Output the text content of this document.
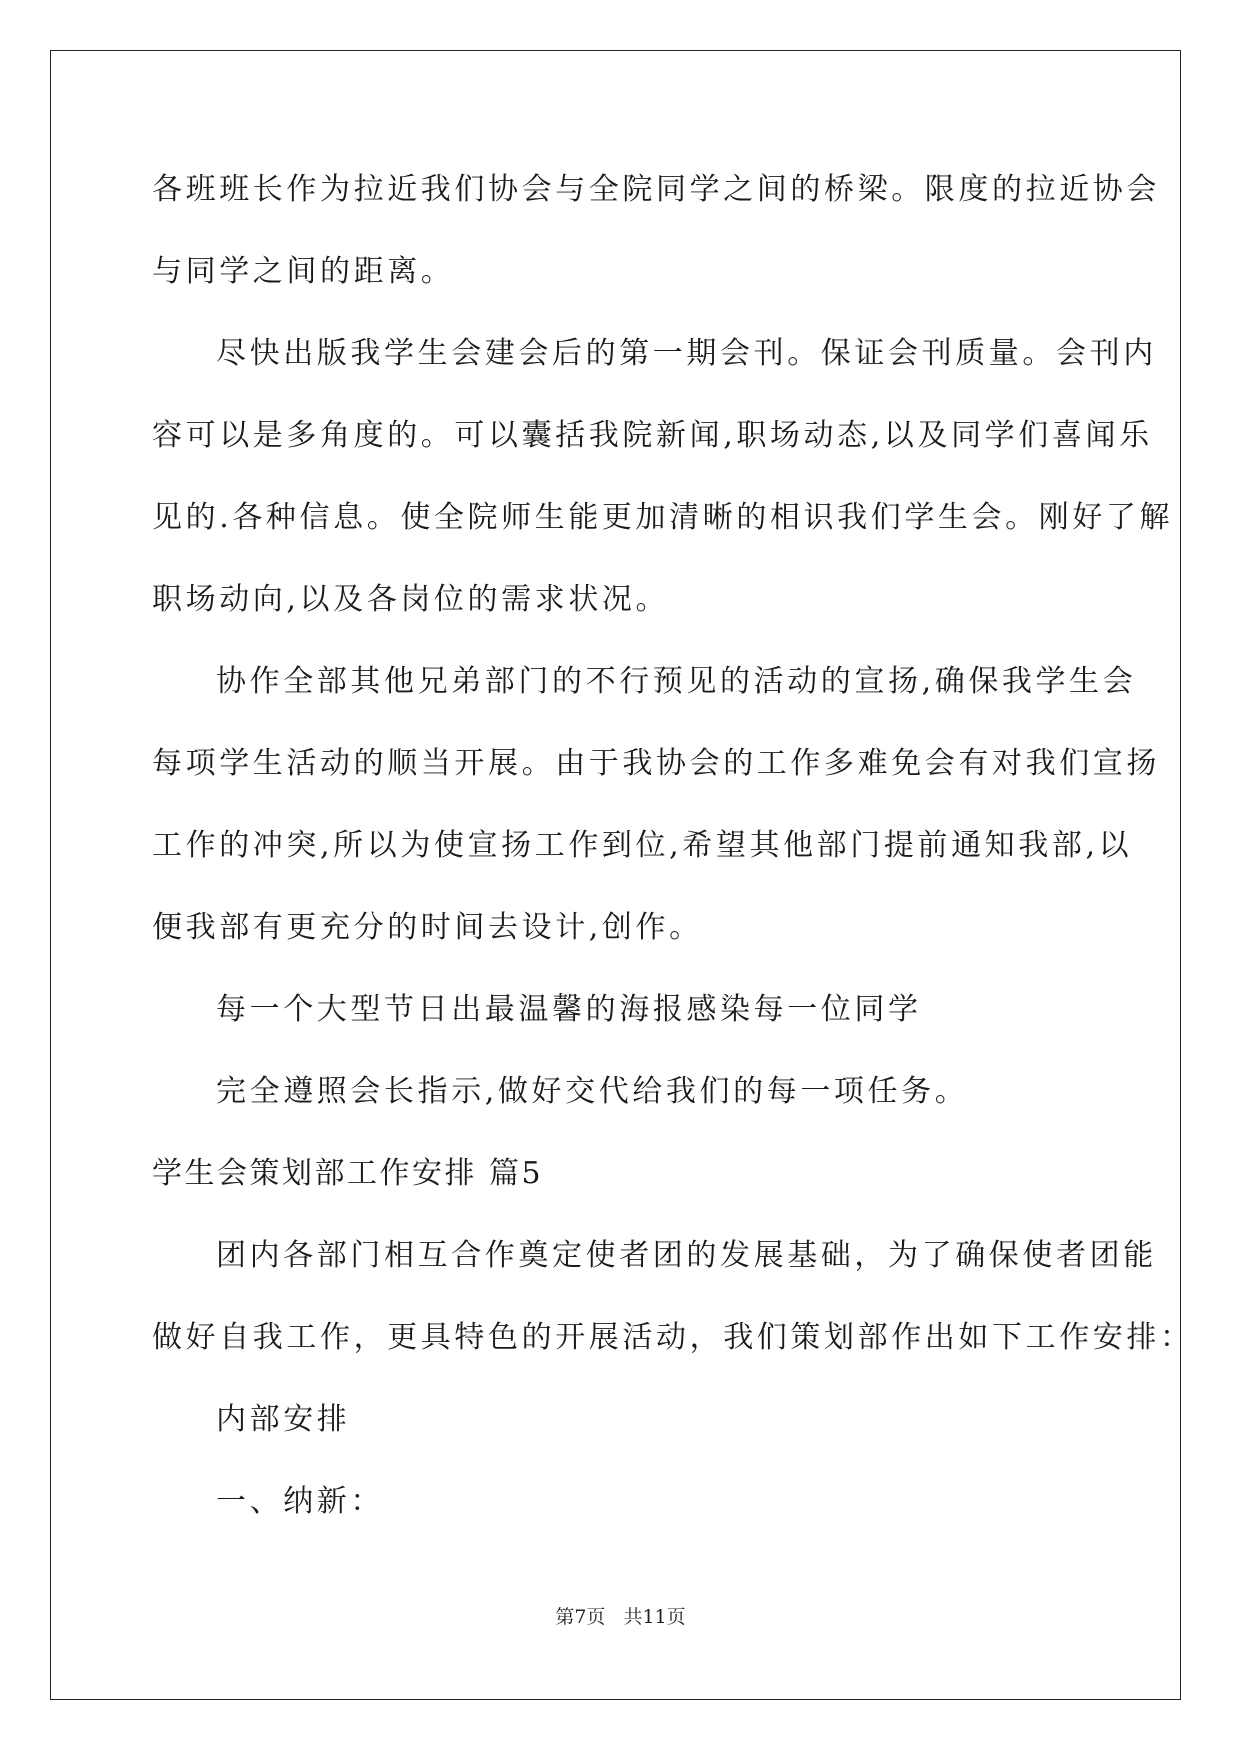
各班班长作为拉近我们协会与全院同学之间的桥梁。限度的拉近协会
与同学之间的距离。
尽快出版我学生会建会后的第一期会刊。保证会刊质量。会刊内
容可以是多角度的。可以囊括我院新闻,职场动态,以及同学们喜闻乐
见的.各种信息。使全院师生能更加清晰的相识我们学生会。刚好了解
职场动向,以及各岗位的需求状况。
协作全部其他兄弟部门的不行预见的活动的宣扬,确保我学生会
每项学生活动的顺当开展。由于我协会的工作多难免会有对我们宣扬
工作的冲突,所以为使宣扬工作到位,希望其他部门提前通知我部,以
便我部有更充分的时间去设计,创作。
每一个大型节日出最温馨的海报感染每一位同学
完全遵照会长指示,做好交代给我们的每一项任务。
学生会策划部工作安排 篇5
团内各部门相互合作奠定使者团的发展基础，为了确保使者团能
做好自我工作，更具特色的开展活动，我们策划部作出如下工作安排：
内部安排
一、纳新：
第7页 共11页
